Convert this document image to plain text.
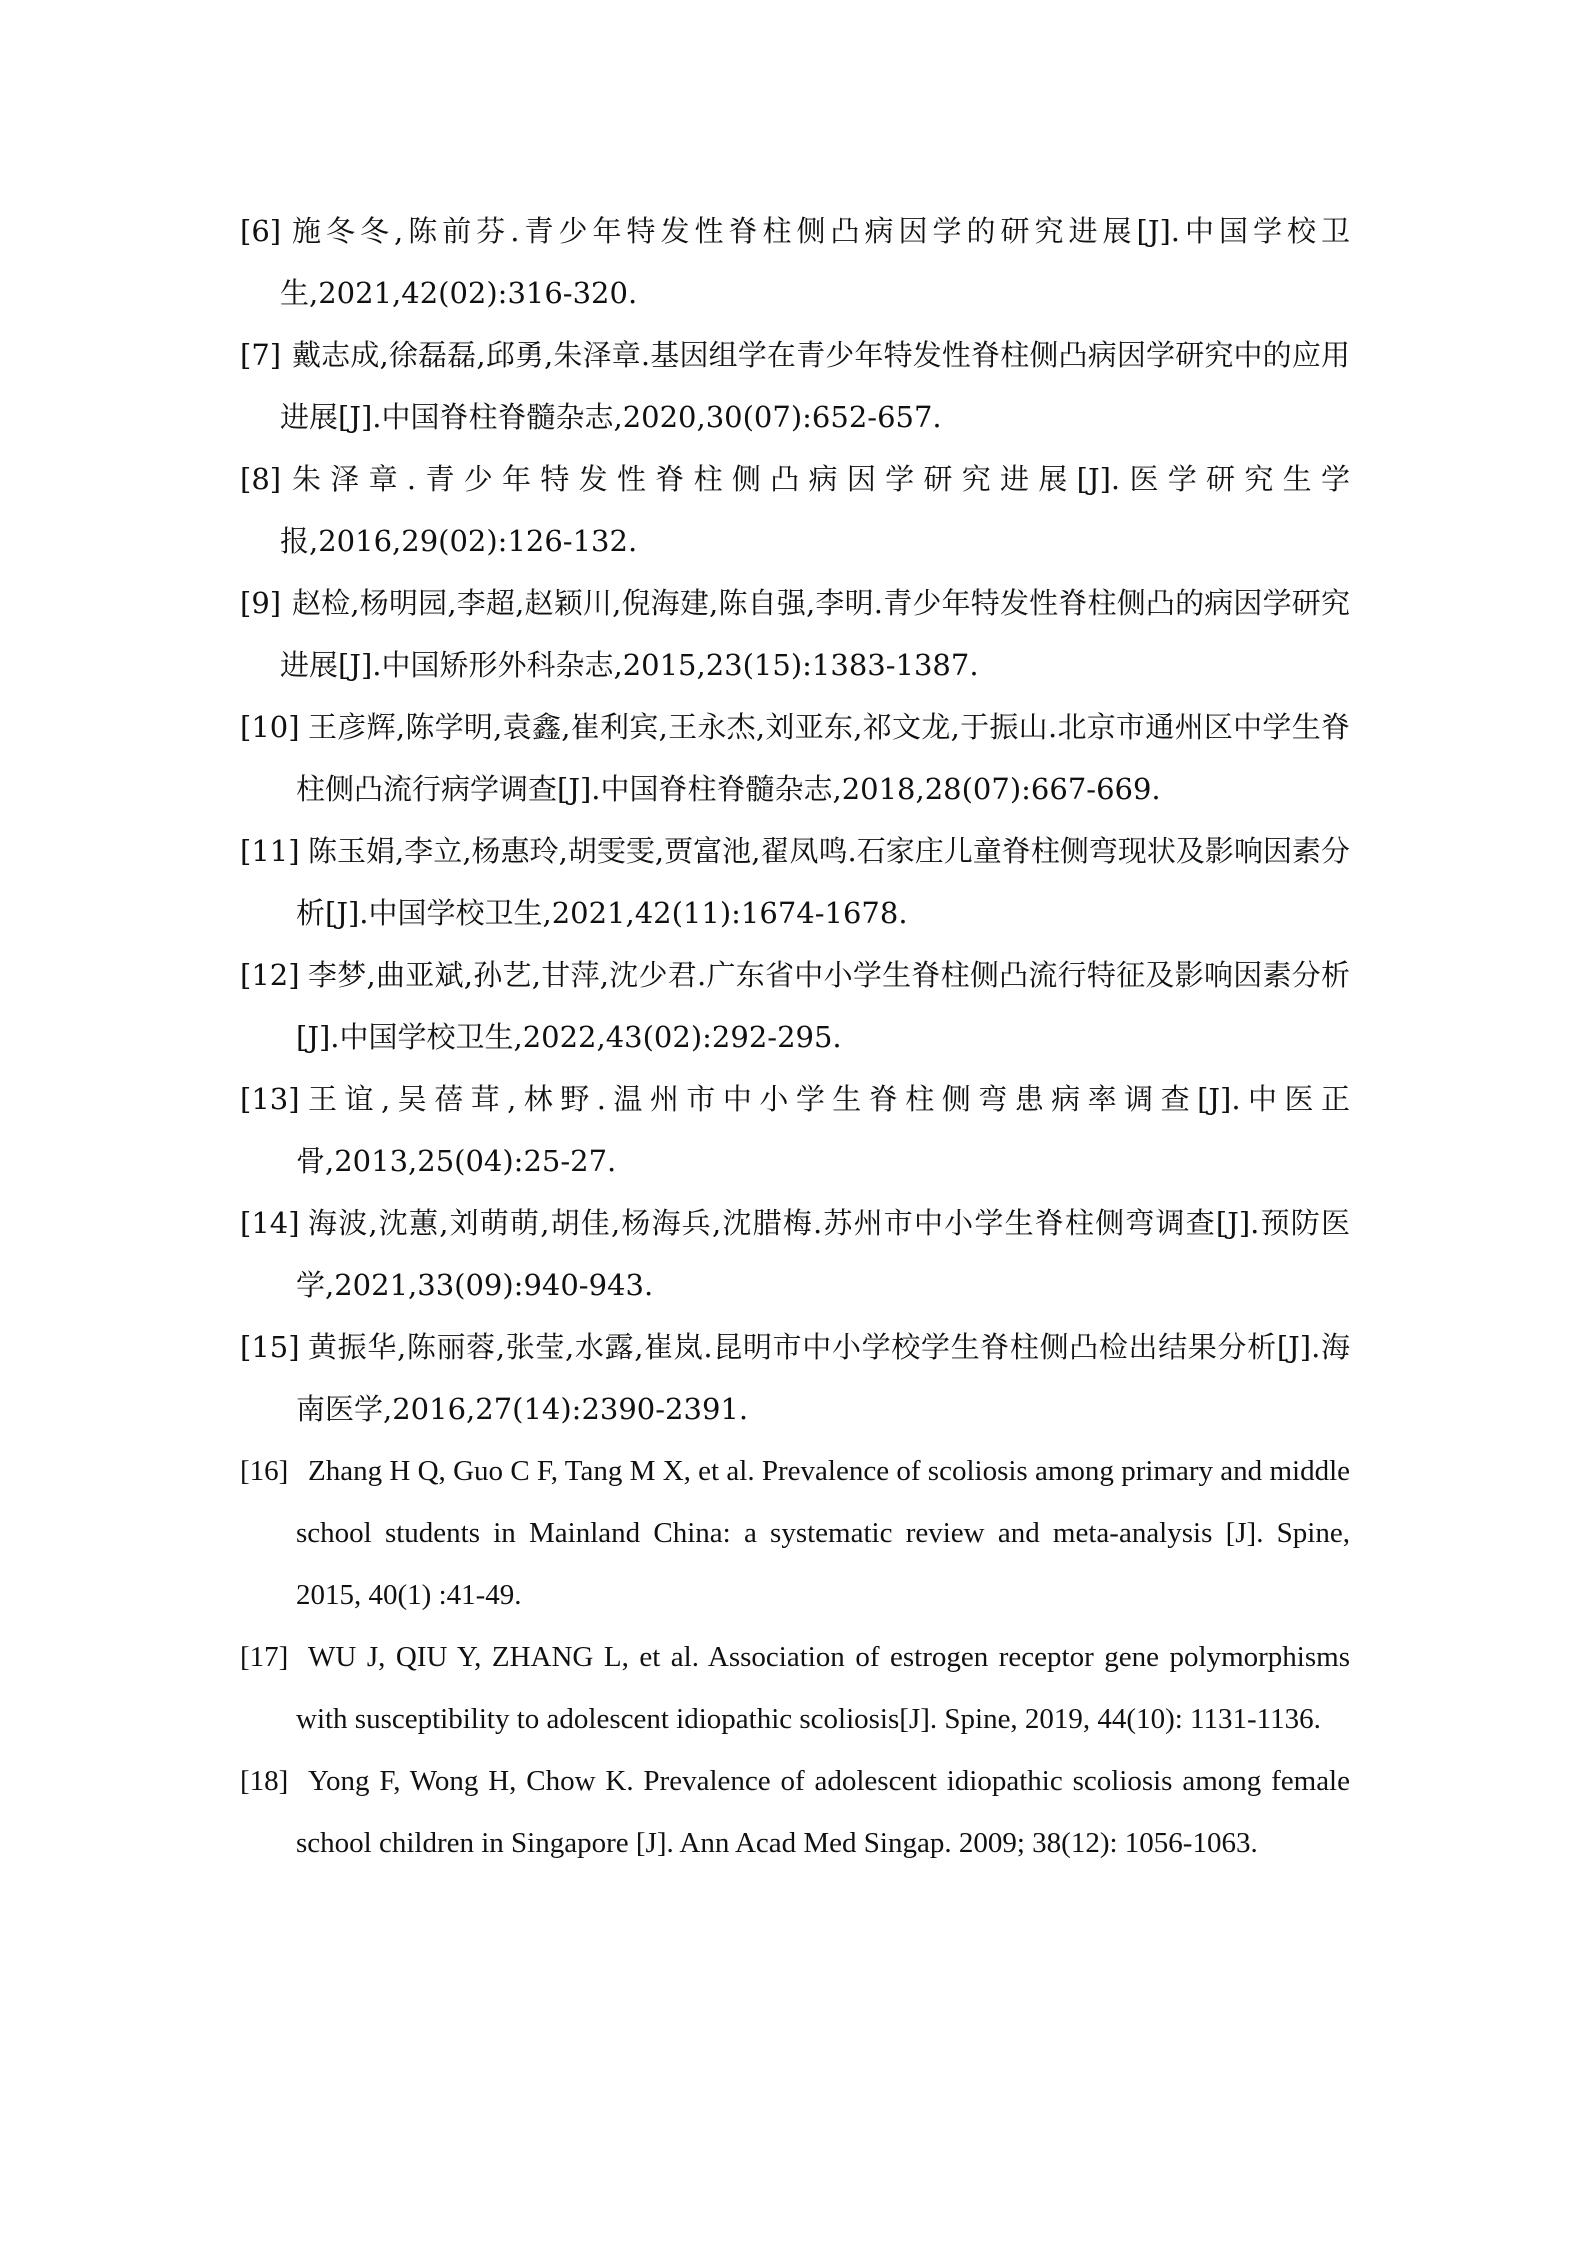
[6] 施冬冬,陈前芬.青少年特发性脊柱侧凸病因学的研究进展[J].中国学校卫生,2021,42(02):316-320.
[7] 戴志成,徐磊磊,邱勇,朱泽章.基因组学在青少年特发性脊柱侧凸病因学研究中的应用进展[J].中国脊柱脊髓杂志,2020,30(07):652-657.
[8] 朱泽章.青少年特发性脊柱侧凸病因学研究进展[J].医学研究生学报,2016,29(02):126-132.
[9] 赵检,杨明园,李超,赵颖川,倪海建,陈自强,李明.青少年特发性脊柱侧凸的病因学研究进展[J].中国矫形外科杂志,2015,23(15):1383-1387.
[10] 王彦辉,陈学明,袁鑫,崔利宾,王永杰,刘亚东,祁文龙,于振山.北京市通州区中学生脊柱侧凸流行病学调查[J].中国脊柱脊髓杂志,2018,28(07):667-669.
[11] 陈玉娟,李立,杨惠玲,胡雯雯,贾富池,翟凤鸣.石家庄儿童脊柱侧弯现状及影响因素分析[J].中国学校卫生,2021,42(11):1674-1678.
[12] 李梦,曲亚斌,孙艺,甘萍,沈少君.广东省中小学生脊柱侧凸流行特征及影响因素分析[J].中国学校卫生,2022,43(02):292-295.
[13] 王谊,吴蓓茸,林野.温州市中小学生脊柱侧弯患病率调查[J].中医正骨,2013,25(04):25-27.
[14] 海波,沈蕙,刘萌萌,胡佳,杨海兵,沈腊梅.苏州市中小学生脊柱侧弯调查[J].预防医学,2021,33(09):940-943.
[15] 黄振华,陈丽蓉,张莹,水露,崔岚.昆明市中小学校学生脊柱侧凸检出结果分析[J].海南医学,2016,27(14):2390-2391.
[16] Zhang H Q, Guo C F, Tang M X, et al. Prevalence of scoliosis among primary and middle school students in Mainland China: a systematic review and meta-analysis [J]. Spine, 2015, 40(1) :41-49.
[17] WU J, QIU Y, ZHANG L, et al. Association of estrogen receptor gene polymorphisms with susceptibility to adolescent idiopathic scoliosis[J]. Spine, 2019, 44(10): 1131-1136.
[18] Yong F, Wong H, Chow K. Prevalence of adolescent idiopathic scoliosis among female school children in Singapore [J]. Ann Acad Med Singap. 2009; 38(12): 1056-1063.
